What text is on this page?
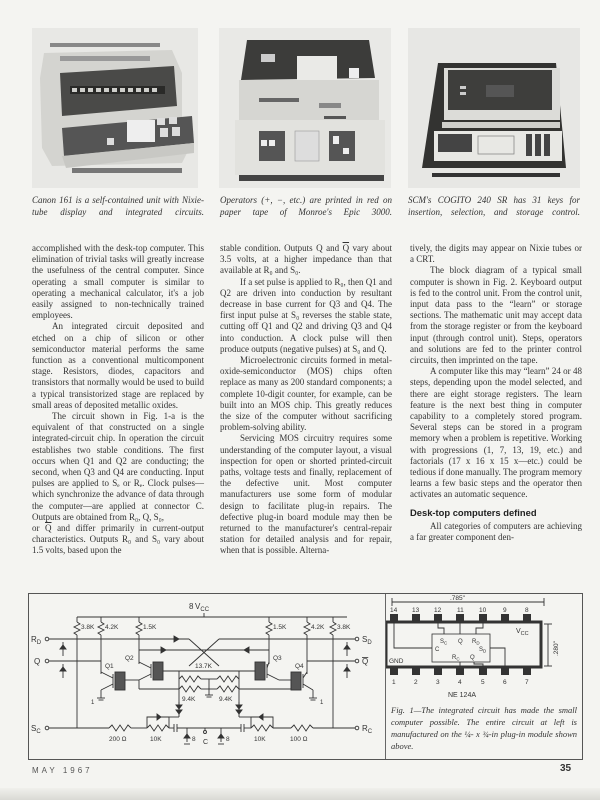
Canon 161 is a self-contained unit with Nixie-tube display and integrated circuits.
Operators (+, −, etc.) are printed in red on paper tape of Monroe's Epic 3000.
SCM's COGITO 240 SR has 31 keys for insertion, selection, and storage control.

accomplished with the desk-top computer. This elimination of trivial tasks will greatly increase the usefulness of the central computer. Since operating a small computer is similar to operating a mechanical calculator, it's a job easily assigned to non-technically trained employees.

An integrated circuit deposited and etched on a chip of silicon or other semiconductor material performs the same function as a conventional multicomponent stage. Resistors, diodes, capacitors and transistors that normally would be used to build a typical transistorized stage are replaced by small areas of deposited metallic oxides.

The circuit shown in Fig. 1-a is the equivalent of that constructed on a single integrated-circuit chip. In operation the circuit establishes two stable conditions. The first occurs when Q1 and Q2 are conducting; the second, when Q3 and Q4 are conducting. Input pulses are applied to Sₑ or Rₑ. Clock pulses—which synchronize the advance of data through the computer—are applied at connector C. Outputs are obtained from R₀, Q, S₀,

or $\overline{Q}$ and differ primarily in current-output characteristics. Outputs R₀ and S₀ vary about 1.5 volts, based upon the

stable condition. Outputs Q and $\overline{Q}$ vary about 3.5 volts, at a higher impedance than that available at R₀ and S₀.

If a set pulse is applied to R₀, then Q1 and Q2 are driven into conduction by resultant decrease in base current for Q3 and Q4. The first input pulse at S₀ reverses the stable state, cutting off Q1 and Q2 and driving Q3 and Q4 into conduction. A clock pulse will then produce outputs (negative pulses) at S₀ and Q.

Microelectronic circuits formed in metal-oxide-semiconductor (MOS) chips often replace as many as 200 standard components; a complete 10-digit counter, for example, can be built into an MOS chip. This greatly reduces the size of the computer without sacrificing problem-solving ability.

Servicing MOS circuitry requires some understanding of the computer layout, a visual inspection for open or shorted printed-circuit paths, voltage tests and finally, replacement of the defective unit. Most computer manufacturers use some form of modular design to facilitate plug-in repairs. The defective plug-in board module may then be returned to the manufacturer's central-repair station for detailed analysis and for repair, when that is possible. Alterna-

tively, the digits may appear on Nixie tubes or a CRT.

The block diagram of a typical small computer is shown in Fig. 2. Keyboard output is fed to the control unit. From the control unit, input data pass to the “learn” or storage sections. The mathematic unit may accept data from the storage register or from the keyboard input (through control unit). Steps, operators and solutions are fed to the printer control circuits, then imprinted on the tape.

A computer like this may “learn” 24 or 48 steps, depending upon the model selected, and there are eight storage registers. The learn feature is the next best thing in computer capability to a completely stored program. Several steps can be stored in a program memory when a problem is repetitive. Working with progressions (1, 7, 13, 19, etc.) and factorials (17 x 16 x 15 x—etc.) could be tedious if done manually. The program memory learns a few basic steps and the operator then activates an automatic sequence.

Desk-top computers defined

All categories of computers are achieving a far greater component den-

8 $V_{CC}$
3.8K 4.2K	1.5K	1.5K	4.2K 3.8K
$R_D$
Q
$S_C$
200 Ω	10K	8 C	8	10K	100 Ω
$R_C$
$S_D$
Q
Q1
1
Q2	Q3
Q4
1
13.7K
9.4K	9.4K
.785"
14 13 12 11 10	9	8
.280"
$V_{CC}$
GND
$S_C$ Q $R_D$
C	$S_D$
$R_C$ Q
1	2	3	4	5	6	7
NE 124A
Fig. 1—The integrated circuit has made the small computer possible. The entire circuit at left is manufactured on the ¼- x ¾-in plug-in module shown above.
MAY 1967	35
